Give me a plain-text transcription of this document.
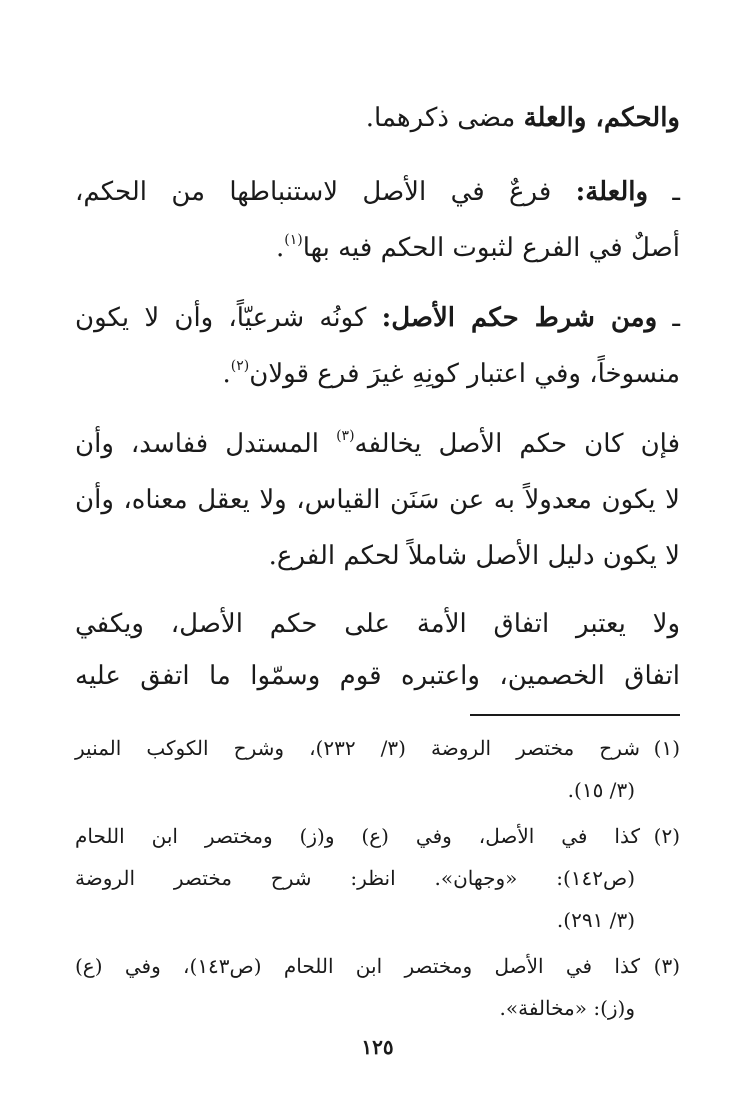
والحكم، والعلة مضى ذكرهما.
ـ والعلة: فرعٌ في الأصل لاستنباطها من الحكم،
أصلٌ في الفرع لثبوت الحكم فيه بها$^{(١)}$.
ـ ومن شرط حكم الأصل: كونُه شرعيّاً، وأن لا يكون
منسوخاً، وفي اعتبار كونِهِ غيرَ فرع قولان$^{(٢)}$.
فإن كان حكم الأصل يخالفه$^{(٣)}$ المستدل ففاسد، وأن
لا يكون معدولاً به عن سَنَن القياس، ولا يعقل معناه، وأن
لا يكون دليل الأصل شاملاً لحكم الفرع.
ولا يعتبر اتفاق الأمة على حكم الأصل، ويكفي
اتفاق الخصمين، واعتبره قوم وسمّوا ما اتفق عليه
(١)شرح مختصر الروضة (٣/ ٢٣٢)، وشرح الكوكب المنير
(٣/ ١٥).
(٢)كذا في الأصل، وفي (ع) و(ز) ومختصر ابن اللحام
(ص١٤٢): «وجهان». انظر: شرح مختصر الروضة
(٣/ ٢٩١).
(٣)كذا في الأصل ومختصر ابن اللحام (ص١٤٣)، وفي (ع)
و(ز): «مخالفة».
١٢٥
